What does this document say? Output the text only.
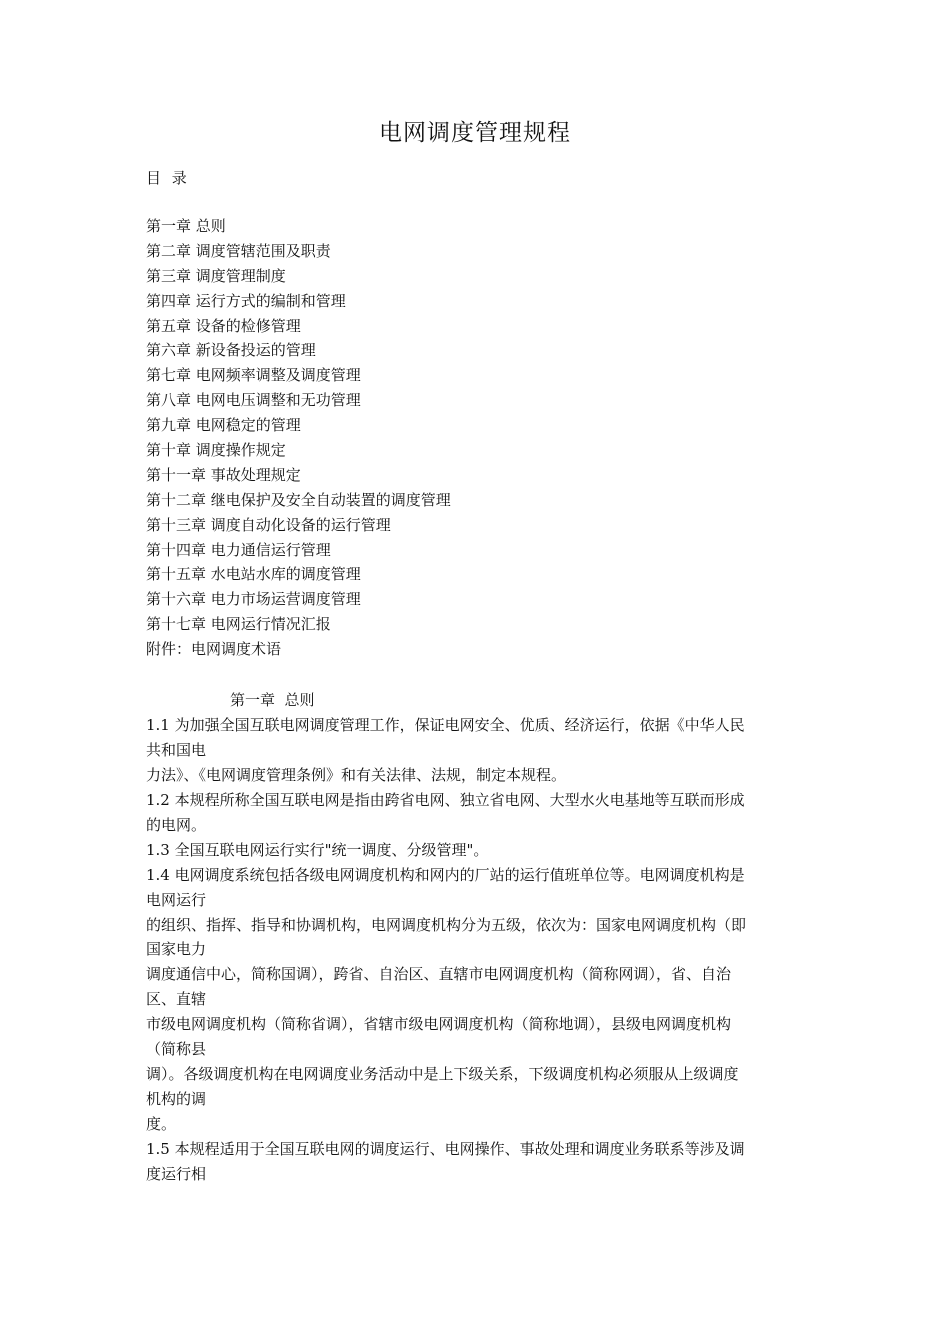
电网调度管理规程
目 录
第一章 总则
第二章 调度管辖范围及职责
第三章 调度管理制度
第四章 运行方式的编制和管理
第五章 设备的检修管理
第六章 新设备投运的管理
第七章 电网频率调整及调度管理
第八章 电网电压调整和无功管理
第九章 电网稳定的管理
第十章 调度操作规定
第十一章 事故处理规定
第十二章 继电保护及安全自动装置的调度管理
第十三章 调度自动化设备的运行管理
第十四章 电力通信运行管理
第十五章 水电站水库的调度管理
第十六章 电力市场运营调度管理
第十七章 电网运行情况汇报
附件：电网调度术语
第一章  总则
1.1 为加强全国互联电网调度管理工作，保证电网安全、优质、经济运行，依据《中华人民
共和国电
力法》、《电网调度管理条例》和有关法律、法规，制定本规程。
1.2 本规程所称全国互联电网是指由跨省电网、独立省电网、大型水火电基地等互联而形成
的电网。
1.3 全国互联电网运行实行"统一调度、分级管理"。
1.4 电网调度系统包括各级电网调度机构和网内的厂站的运行值班单位等。电网调度机构是
电网运行
的组织、指挥、指导和协调机构，电网调度机构分为五级，依次为：国家电网调度机构（即
国家电力
调度通信中心，简称国调），跨省、自治区、直辖市电网调度机构（简称网调），省、自治
区、直辖
市级电网调度机构（简称省调），省辖市级电网调度机构（简称地调），县级电网调度机构
（简称县
调）。各级调度机构在电网调度业务活动中是上下级关系，下级调度机构必须服从上级调度
机构的调
度。
1.5 本规程适用于全国互联电网的调度运行、电网操作、事故处理和调度业务联系等涉及调
度运行相
